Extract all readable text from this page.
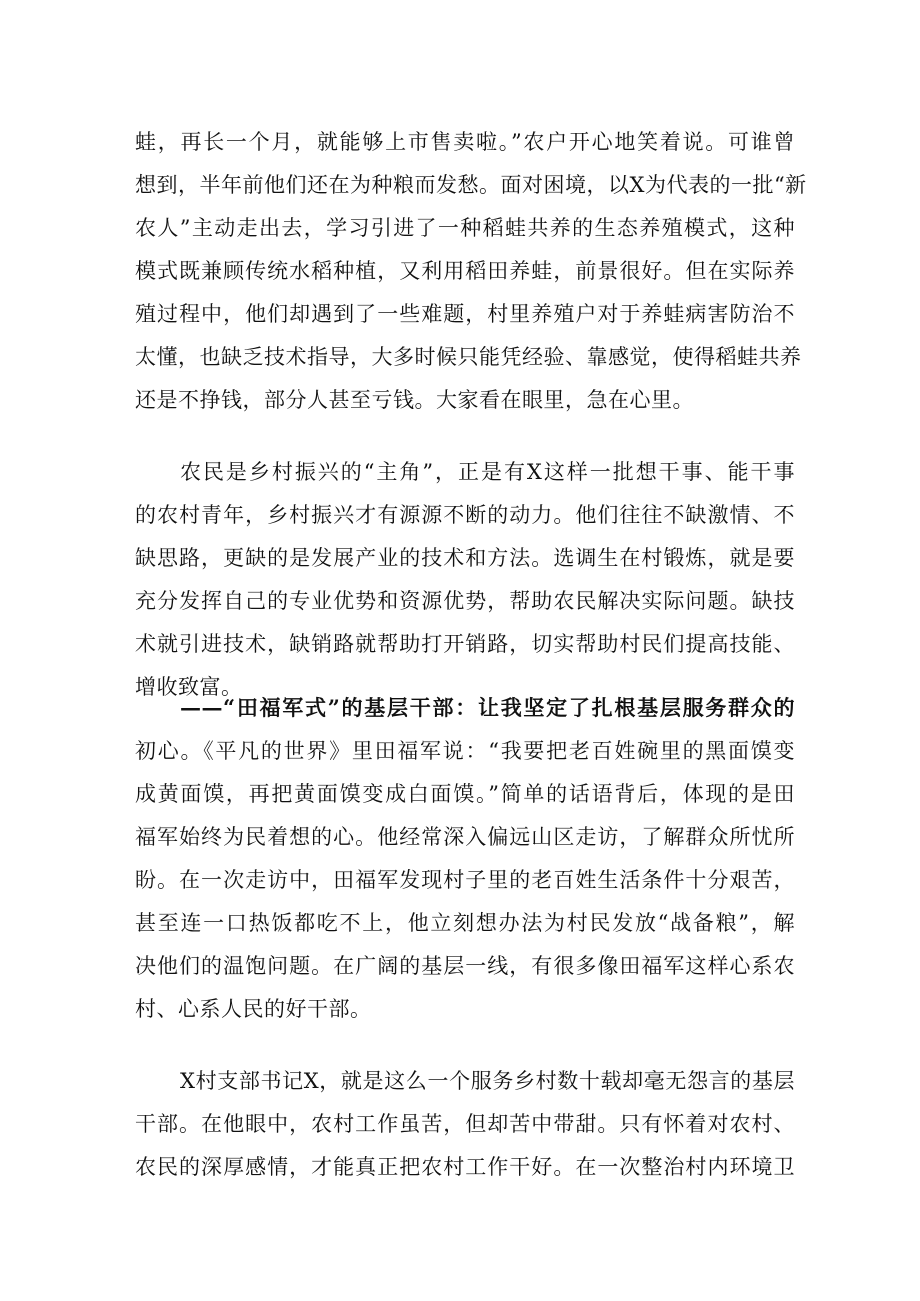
蛙，再长一个月，就能够上市售卖啦。”农户开心地笑着说。可谁曾
想到，半年前他们还在为种粮而发愁。面对困境，以X为代表的一批“新
农人”主动走出去，学习引进了一种稻蛙共养的生态养殖模式，这种
模式既兼顾传统水稻种植，又利用稻田养蛙，前景很好。但在实际养
殖过程中，他们却遇到了一些难题，村里养殖户对于养蛙病害防治不
太懂，也缺乏技术指导，大多时候只能凭经验、靠感觉，使得稻蛙共养
还是不挣钱，部分人甚至亏钱。大家看在眼里，急在心里。
农民是乡村振兴的“主角”，正是有X这样一批想干事、能干事
的农村青年，乡村振兴才有源源不断的动力。他们往往不缺激情、不
缺思路，更缺的是发展产业的技术和方法。选调生在村锻炼，就是要
充分发挥自己的专业优势和资源优势，帮助农民解决实际问题。缺技
术就引进技术，缺销路就帮助打开销路，切实帮助村民们提高技能、
增收致富。
——“田福军式”的基层干部：让我坚定了扎根基层服务群众的
初心。《平凡的世界》里田福军说：“我要把老百姓碗里的黑面馍变
成黄面馍，再把黄面馍变成白面馍。”简单的话语背后，体现的是田
福军始终为民着想的心。他经常深入偏远山区走访，了解群众所忧所
盼。在一次走访中，田福军发现村子里的老百姓生活条件十分艰苦，
甚至连一口热饭都吃不上，他立刻想办法为村民发放“战备粮”，解
决他们的温饱问题。在广阔的基层一线，有很多像田福军这样心系农
村、心系人民的好干部。
X村支部书记X，就是这么一个服务乡村数十载却毫无怨言的基层
干部。在他眼中，农村工作虽苦，但却苦中带甜。只有怀着对农村、
农民的深厚感情，才能真正把农村工作干好。在一次整治村内环境卫
